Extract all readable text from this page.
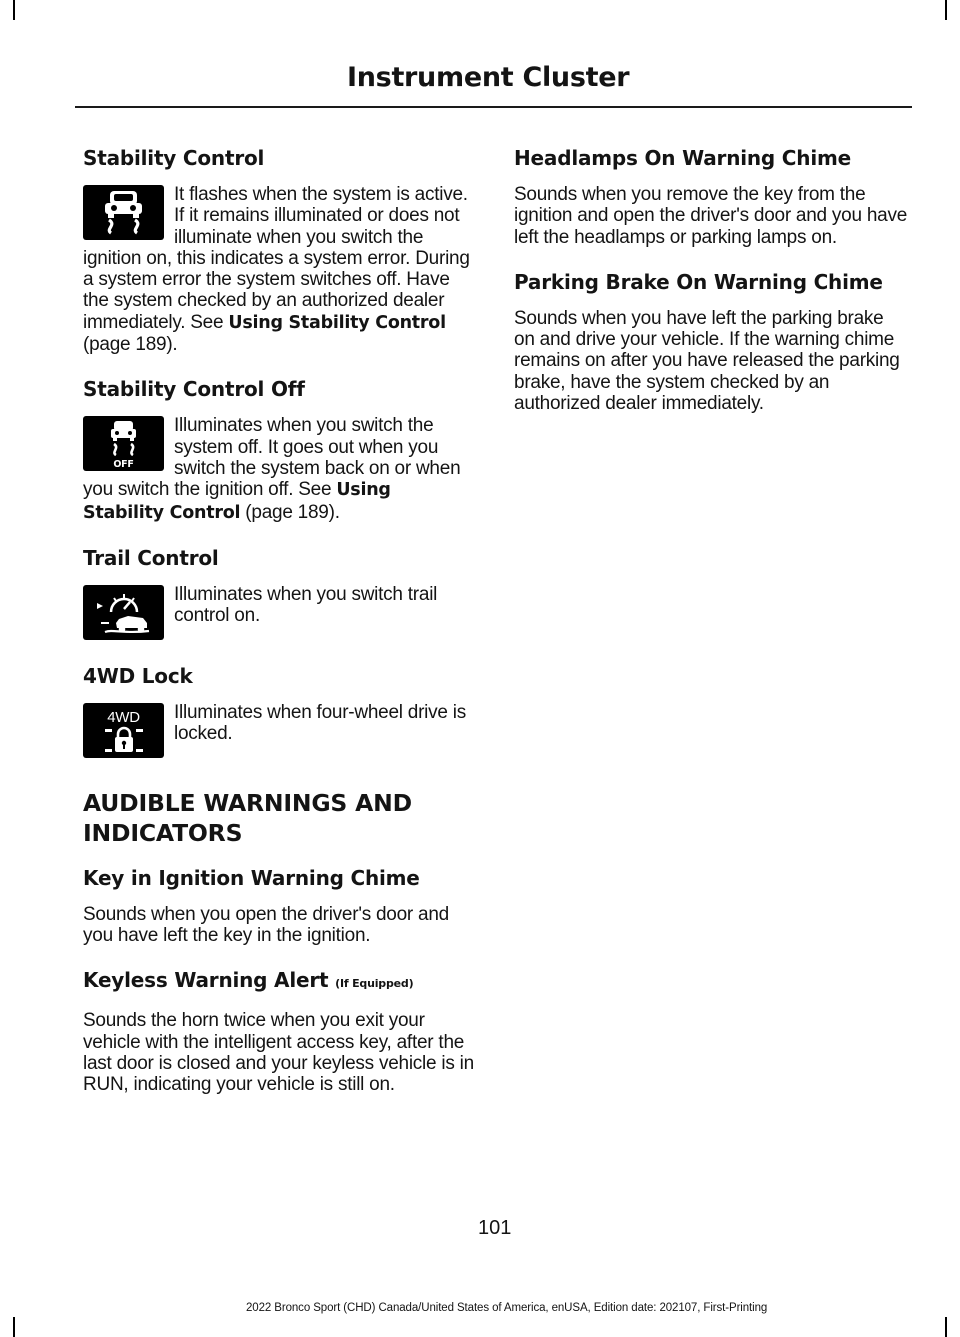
Instrument Cluster
Stability Control

It flashes when the system is active. If it remains illuminated or does not illuminate when you switch the ignition on, this indicates a system error. During a system error the system switches off. Have the system checked by an authorized dealer immediately. See Using Stability Control (page 189).

Stability Control Off

OFF
Illuminates when you switch the system off. It goes out when you switch the system back on or when you switch the ignition off. See Using Stability Control (page 189).

Trail Control

Illuminates when you switch trail control on.

4WD Lock

4WD Illuminates when four-wheel drive is locked.

AUDIBLE WARNINGS AND INDICATORS
Key in Ignition Warning Chime

Sounds when you open the driver's door and you have left the key in the ignition.

Keyless Warning Alert (If Equipped)

Sounds the horn twice when you exit your vehicle with the intelligent access key, after the last door is closed and your keyless vehicle is in RUN, indicating your vehicle is still on.

Headlamps On Warning Chime

Sounds when you remove the key from the ignition and open the driver's door and you have left the headlamps or parking lamps on.

Parking Brake On Warning Chime

Sounds when you have left the parking brake on and drive your vehicle. If the warning chime remains on after you have released the parking brake, have the system checked by an authorized dealer immediately.

101
2022 Bronco Sport (CHD) Canada/United States of America, enUSA, Edition date: 202107, First-Printing
